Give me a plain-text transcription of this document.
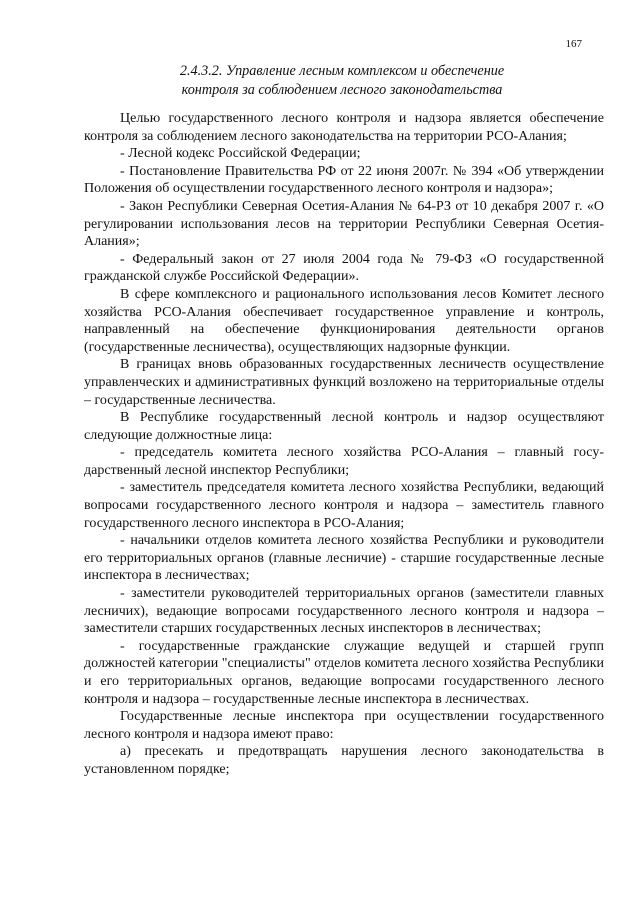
167
2.4.3.2. Управление лесным комплексом и обеспечение
контроля за соблюдением лесного законодательства

Целью государственного лесного контроля и надзора является обеспечение контроля за соблюдением лесного законодательства на территории РСО-Алания;

- Лесной кодекс Российской Федерации;

- Постановление Правительства РФ от 22 июня 2007г. № 394 «Об утверждении Положения об осуществлении государственного лесного контроля и надзора»;

- Закон Республики Северная Осетия-Алания № 64-РЗ от 10 декабря 2007 г. «О регулировании использования лесов на территории Республики Северная Осетия-Алания»;

- Федеральный закон от 27 июля 2004 года № 79-ФЗ «О государственной гражданской службе Российской Федерации».

В сфере комплексного и рационального использования лесов Комитет лесного хозяйства РСО-Алания обеспечивает государственное управление и контроль, направленный на обеспечение функционирования деятельности органов (государственные лесничества), осуществляющих надзорные функции.

В границах вновь образованных государственных лесничеств осуществление управленческих и административных функций возложено на территориальные отделы – государственные лесничества.

В Республике государственный лесной контроль и надзор осуществляют следующие должностные лица:

- председатель комитета лесного хозяйства РСО-Алания – главный государственный лесной инспектор Республики;

- заместитель председателя комитета лесного хозяйства Республики, ведающий вопросами государственного лесного контроля и надзора – заместитель главного государственного лесного инспектора в РСО-Алания;

- начальники отделов комитета лесного хозяйства Республики и руководители его территориальных органов (главные лесничие) - старшие государственные лесные инспектора в лесничествах;

- заместители руководителей территориальных органов (заместители главных лесничих), ведающие вопросами государственного лесного контроля и надзора – заместители старших государственных лесных инспекторов в лесничествах;

- государственные гражданские служащие ведущей и старшей групп должностей категории "специалисты" отделов комитета лесного хозяйства Республики и его территориальных органов, ведающие вопросами государственного лесного контроля и надзора – государственные лесные инспектора в лесничествах.

Государственные лесные инспектора при осуществлении государственного лесного контроля и надзора имеют право:

а) пресекать и предотвращать нарушения лесного законодательства в установленном порядке;
